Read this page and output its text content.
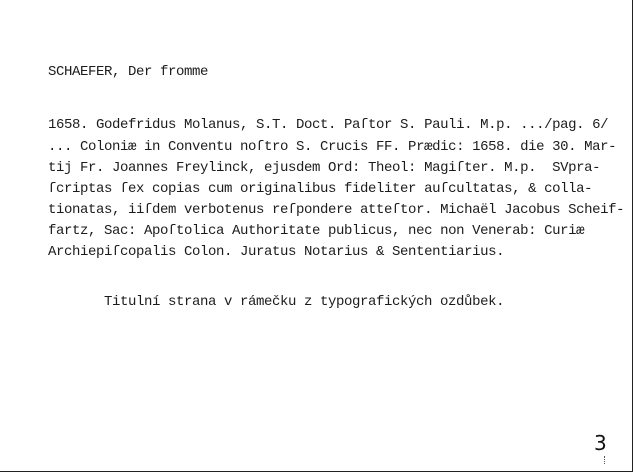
SCHAEFER, Der fromme
1658. Godefridus Molanus, S.T. Doct. Paſtor S. Pauli. M.p. .../pag. 6/
... Coloniæ in Conventu noſtro S. Crucis FF. Prædic: 1658. die 30. Mar-
tij Fr. Joannes Freylinck, ejusdem Ord: Theol: Magiſter. M.p.  SVpra-
ſcriptas ſex copias cum originalibus fideliter auſcultatas, & colla-
tionatas, iiſdem verbotenus reſpondere atteſtor. Michaël Jacobus Scheif-
fartz, Sac: Apoſtolica Authoritate publicus, nec non Venerab: Curiæ
Archiepiſcopalis Colon. Juratus Notarius & Sententiarius.
Titulní strana v rámečku z typografických ozdůbek.
3
